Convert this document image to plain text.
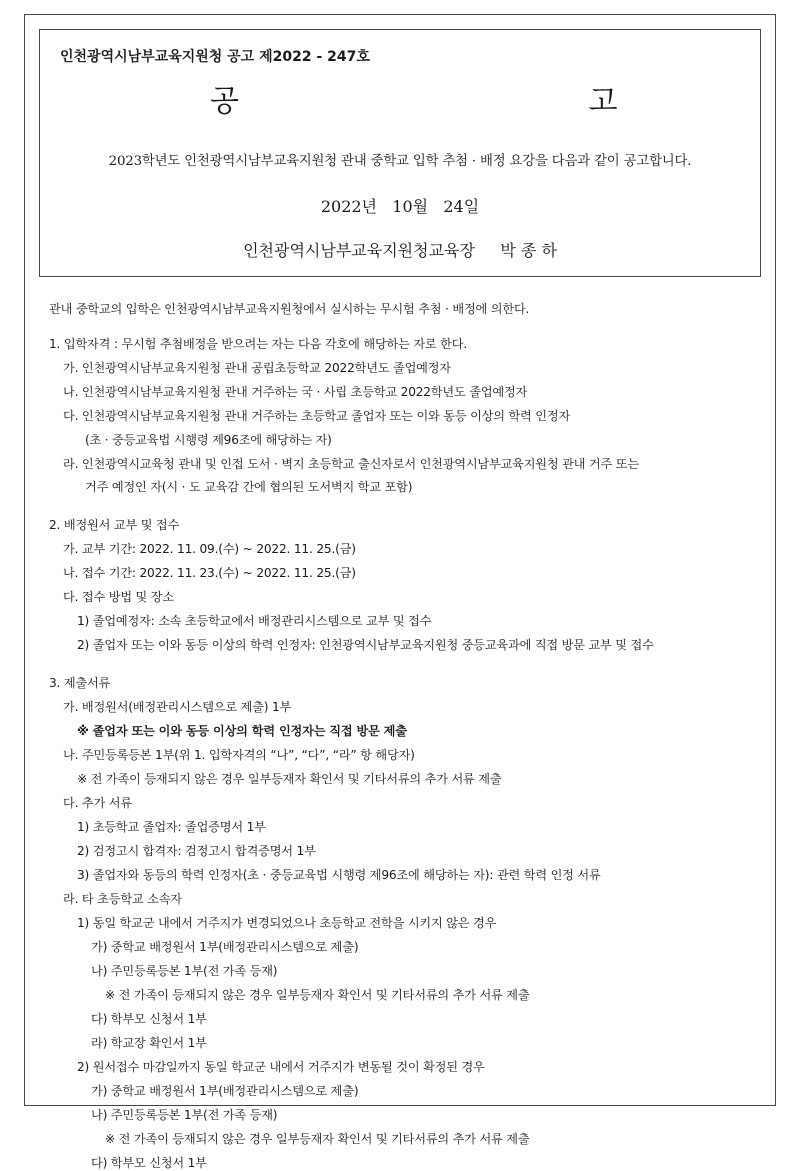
인천광역시남부교육지원청 공고 제2022 - 247호
공 고
2023학년도 인천광역시남부교육지원청 관내 중학교 입학 추첨 · 배정 요강을 다음과 같이 공고합니다.
2022년   10월   24일
인천광역시남부교육지원청교육장     박 종 하
관내 중학교의 입학은 인천광역시남부교육지원청에서 실시하는 무시험 추첨 · 배정에 의한다.
1. 입학자격 : 무시험 추첨배정을 받으려는 자는 다음 각호에 해당하는 자로 한다.
가. 인천광역시남부교육지원청 관내 공립초등학교 2022학년도 졸업예정자
나. 인천광역시남부교육지원청 관내 거주하는 국 · 사립 초등학교 2022학년도 졸업예정자
다. 인천광역시남부교육지원청 관내 거주하는 초등학교 졸업자 또는 이와 동등 이상의 학력 인정자
(초 · 중등교육법 시행령 제96조에 해당하는 자)
라. 인천광역시교육청 관내 및 인접 도서 · 벽지 초등학교 출신자로서 인천광역시남부교육지원청 관내 거주 또는
거주 예정인 자(시 · 도 교육감 간에 협의된 도서벽지 학교 포함)
2. 배정원서 교부 및 접수
가. 교부 기간: 2022. 11. 09.(수) ~ 2022. 11. 25.(금)
나. 접수 기간: 2022. 11. 23.(수) ~ 2022. 11. 25.(금)
다. 접수 방법 및 장소
1) 졸업예정자: 소속 초등학교에서 배정관리시스템으로 교부 및 접수
2) 졸업자 또는 이와 동등 이상의 학력 인정자: 인천광역시남부교육지원청 중등교육과에 직접 방문 교부 및 접수
3. 제출서류
가. 배정원서(배정관리시스템으로 제출) 1부
※ 졸업자 또는 이와 동등 이상의 학력 인정자는 직접 방문 제출
나. 주민등록등본 1부(위 1. 입학자격의 “나”, “다”, “라” 항 해당자)
※ 전 가족이 등재되지 않은 경우 일부등재자 확인서 및 기타서류의 추가 서류 제출
다. 추가 서류
1) 초등학교 졸업자: 졸업증명서 1부
2) 검정고시 합격자: 검정고시 합격증명서 1부
3) 졸업자와 동등의 학력 인정자(초 · 중등교육법 시행령 제96조에 해당하는 자): 관련 학력 인정 서류
라. 타 초등학교 소속자
1) 동일 학교군 내에서 거주지가 변경되었으나 초등학교 전학을 시키지 않은 경우
가) 중학교 배정원서 1부(배정관리시스템으로 제출)
나) 주민등록등본 1부(전 가족 등재)
※ 전 가족이 등재되지 않은 경우 일부등재자 확인서 및 기타서류의 추가 서류 제출
다) 학부모 신청서 1부
라) 학교장 확인서 1부
2) 원서접수 마감일까지 동일 학교군 내에서 거주지가 변동될 것이 확정된 경우
가) 중학교 배정원서 1부(배정관리시스템으로 제출)
나) 주민등록등본 1부(전 가족 등재)
※ 전 가족이 등재되지 않은 경우 일부등재자 확인서 및 기타서류의 추가 서류 제출
다) 학부모 신청서 1부
